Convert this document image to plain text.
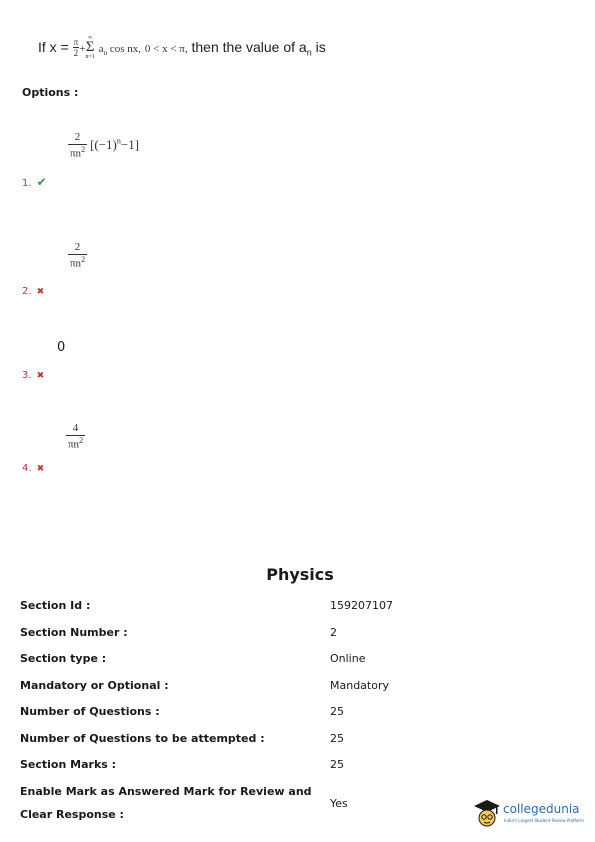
If $x = \frac{\pi}{2}$ +
∞
Σ
n=1
$a_n$ cos nx, 0 < x < π, then the value of $a_n$ is
Options :
$\frac{2}{\pi n^2} [(-1)^n-1]$
1. ✔
$\frac{2}{\pi n^2}$
2. ✖
0
3. ✖
$\frac{4}{\pi n^2}$
4. ✖
Physics
Section Id :	159207107
Section Number :	2
Section type :	Online
Mandatory or Optional :	Mandatory
Number of Questions :	25
Number of Questions to be attempted :	25
Section Marks :	25
Enable Mark as Answered Mark for Review and
Clear Response :
Yes	collegedunia
India's Largest Student Review Platform
